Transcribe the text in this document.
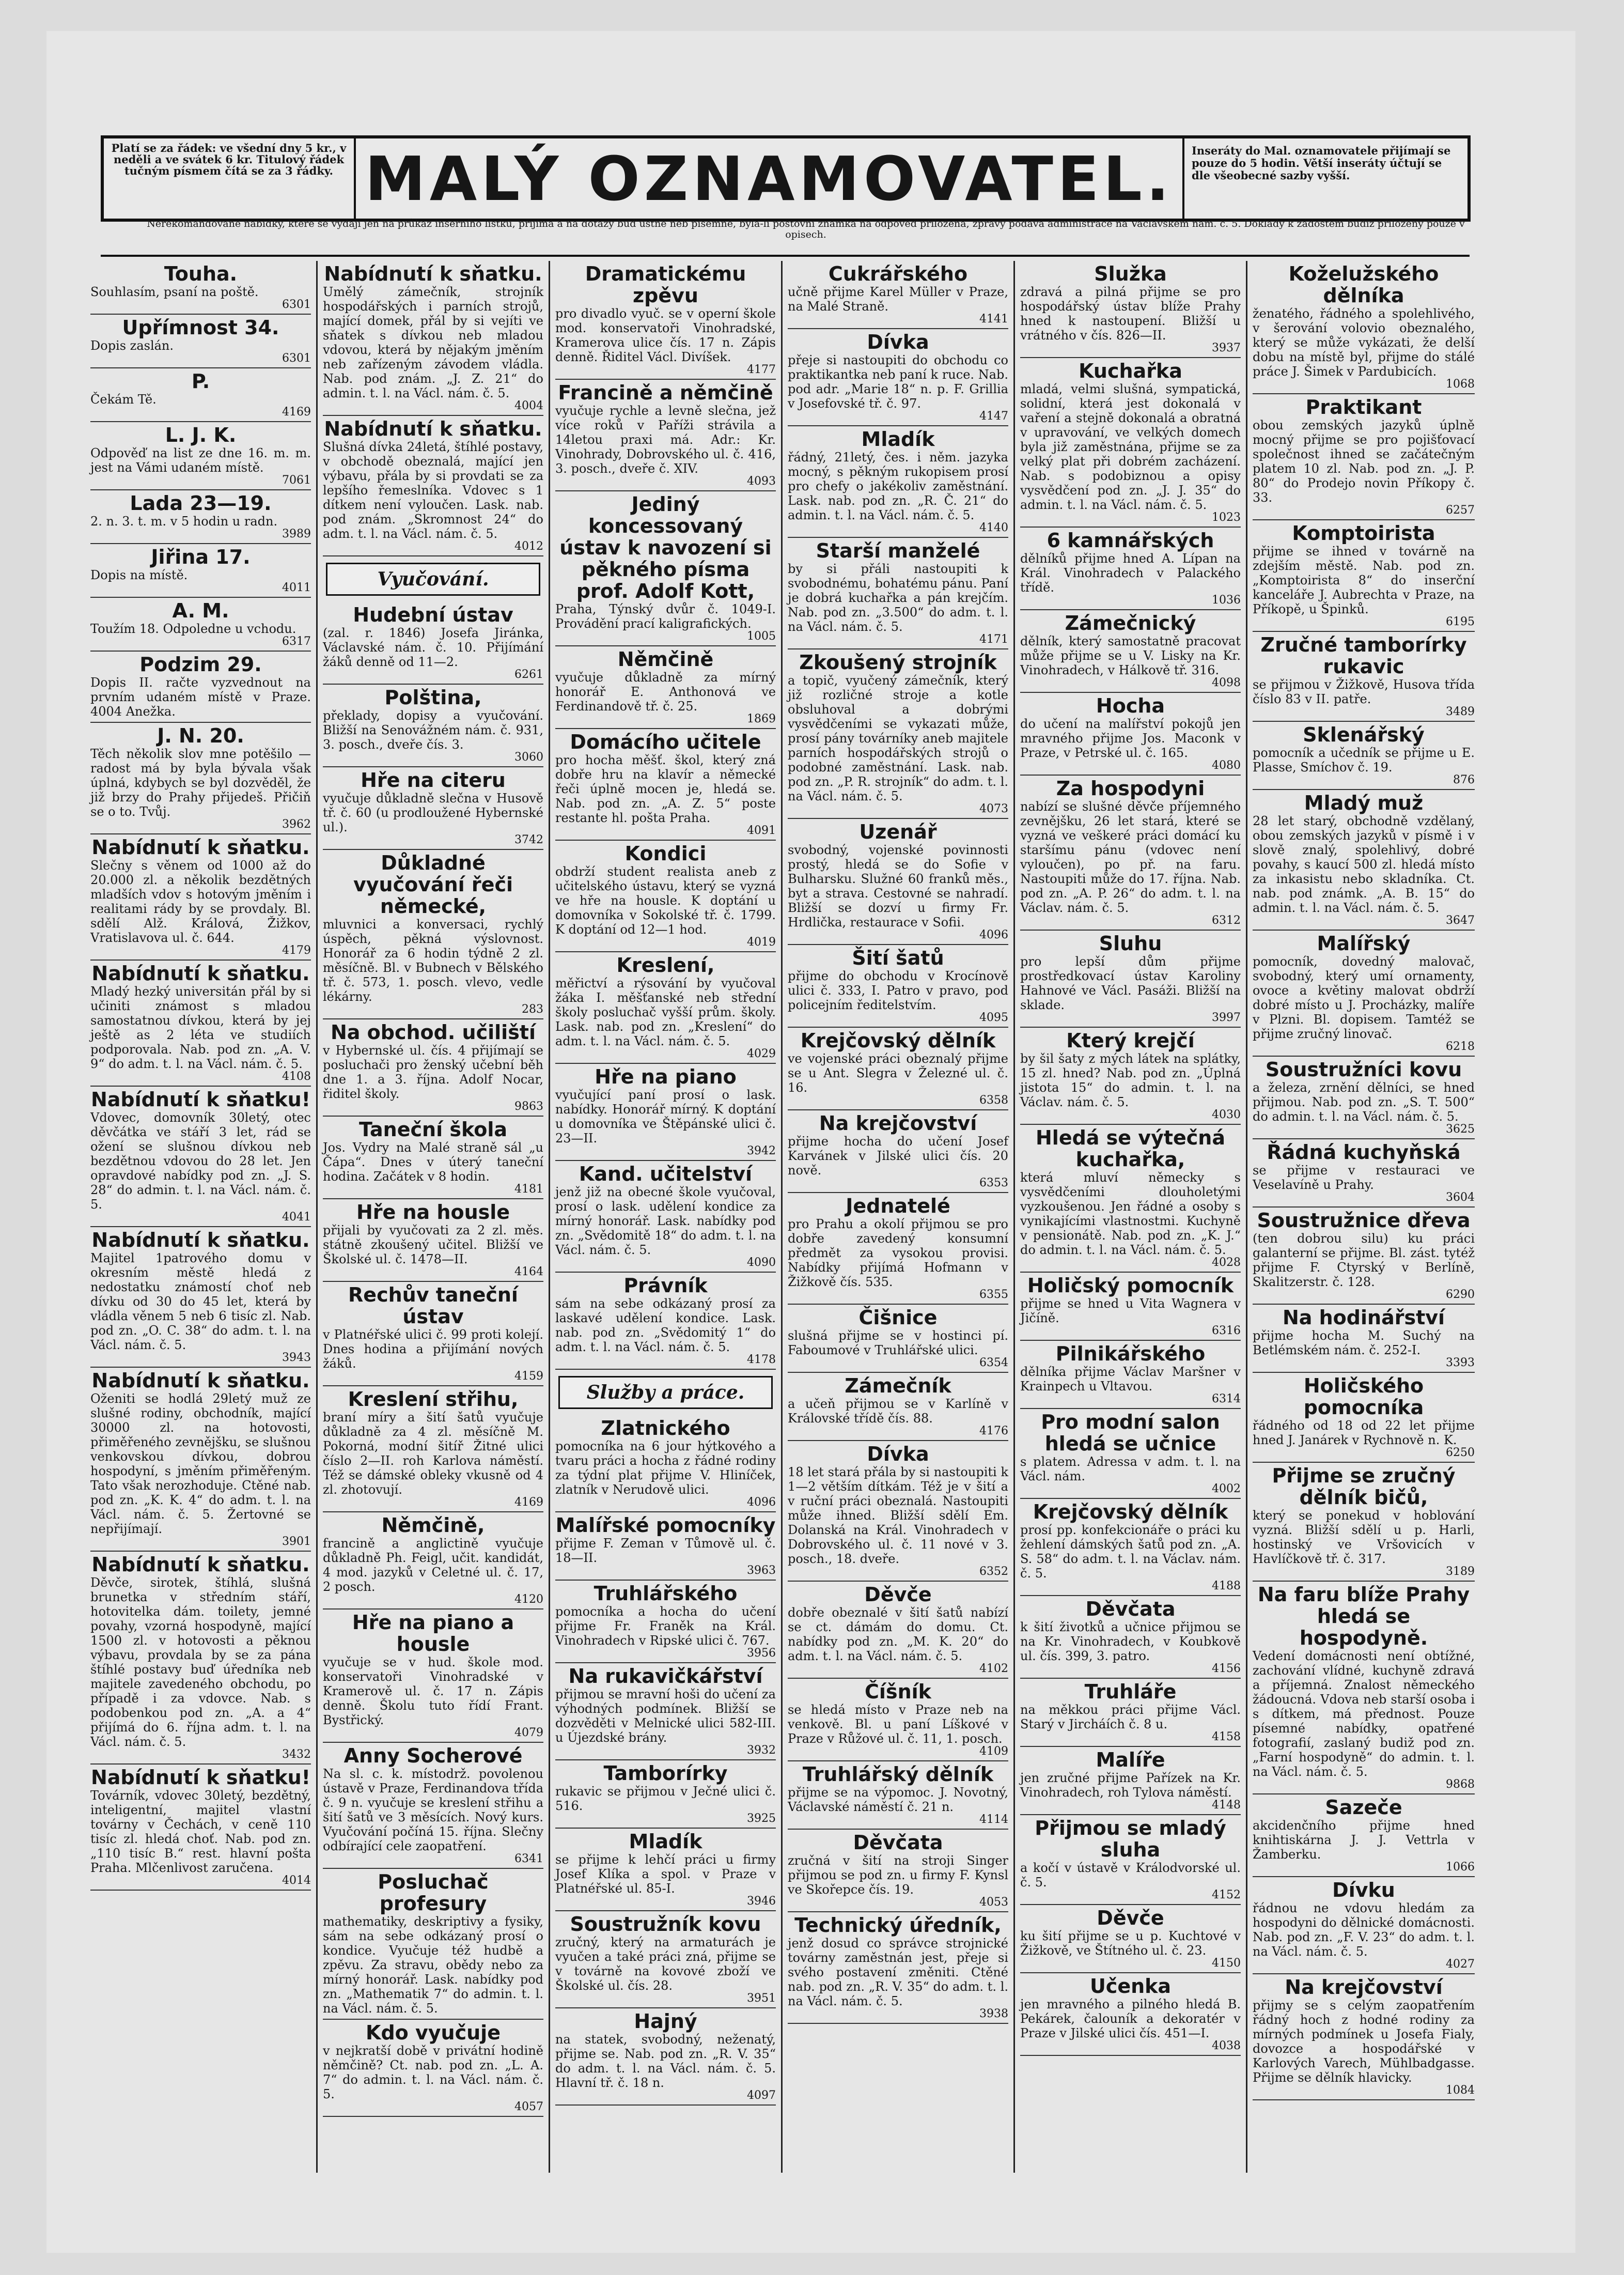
Platí se za řádek: ve všední dny 5 kr., v neděli a ve svátek 6 kr. Titulový řádek tučným písmem čítá se za 3 řádky. MALÝ OZNAMOVATEL.	Inseráty do Mal. oznamovatele přijímají se pouze do 5 hodin. Větší inseráty účtují se dle všeobecné sazby vyšší.
Nerekomandované nabídky, které se vydají jen na průkaz inserního lístku, přijímá a na dotazy buď ústně neb písemně, byla-li poštovní známka na odpověď přiložena, zprávy podává administrace na Václavském nám. č. 5. Doklady k žádostem budiž přiloženy pouze v opisech.
Touha.
Souhlasím, psaní na poště.
6301
Upřímnost 34.
Dopis zaslán.
6301
P.
Čekám Tě.
4169
L. J. K.
Odpověď na list ze dne 16. m. m. jest na Vámi udaném místě.
7061
Lada 23—19.
2. n. 3. t. m. v 5 hodin u radn.
3989
Jiřina 17.
Dopis na místě.
4011
A. M.
Toužím 18. Odpoledne u vchodu.
6317
Podzim 29.
Dopis II. račte vyzvednout na prvním udaném místě v Praze. 4004 Anežka.
J. N. 20.
Těch několik slov mne potěšilo — radost má by byla bývala však úplná, kdybych se byl dozvěděl, že již brzy do Prahy přijedeš. Přičiň se o to. Tvůj.
3962
Nabídnutí k sňatku.
Slečny s věnem od 1000 až do 20.000 zl. a několik bezdětných mladších vdov s hotovým jměním i realitami rády by se provdaly. Bl. sdělí Alž. Králová, Žižkov, Vratislavova ul. č. 644.
4179
Nabídnutí k sňatku.
Mladý hezký universitán přál by si učiniti známost s mladou samostatnou dívkou, která by jej ještě as 2 léta ve studiích podporovala. Nab. pod zn. „A. V. 9“ do adm. t. l. na Václ. nám. č. 5.
4108
Nabídnutí k sňatku!
Vdovec, domovník 30letý, otec děvčátka ve stáří 3 let, rád se ožení se slušnou dívkou neb bezdětnou vdovou do 28 let. Jen opravdové nabídky pod zn. „J. S. 28“ do admin. t. l. na Václ. nám. č. 5.
4041
Nabídnutí k sňatku.
Majitel 1patrového domu v okresním městě hledá z nedostatku známostí choť neb dívku od 30 do 45 let, která by vládla věnem 5 neb 6 tisíc zl. Nab. pod zn. „O. C. 38“ do adm. t. l. na Václ. nám. č. 5.
3943
Nabídnutí k sňatku.
Oženiti se hodlá 29letý muž ze slušné rodiny, obchodník, mající 30000 zl. na hotovosti, přiměřeného zevnějšku, se slušnou venkovskou dívkou, dobrou hospodyní, s jměním přiměřeným. Tato však nerozhoduje. Ctěné nab. pod zn. „K. K. 4“ do adm. t. l. na Václ. nám. č. 5. Žertovné se nepřijímají.
3901
Nabídnutí k sňatku.
Děvče, sirotek, štíhlá, slušná brunetka v středním stáří, hotovitelka dám. toilety, jemné povahy, vzorná hospodyně, mající 1500 zl. v hotovosti a pěknou výbavu, provdala by se za pána štíhlé postavy buď úředníka neb majitele zavedeného obchodu, po případě i za vdovce. Nab. s podobenkou pod zn. „A. a 4“ přijímá do 6. října adm. t. l. na Václ. nám. č. 5.
3432
Nabídnutí k sňatku!
Továrník, vdovec 30letý, bezdětný, inteligentní, majitel vlastní továrny v Čechách, v ceně 110 tisíc zl. hledá choť. Nab. pod zn. „110 tisíc B.“ rest. hlavní pošta Praha. Mlčenlivost zaručena.
4014
Nabídnutí k sňatku.
Umělý zámečník, strojník hospodářských i parních strojů, mající domek, přál by si vejíti ve sňatek s dívkou neb mladou vdovou, která by nějakým jměním neb zařízeným závodem vládla. Nab. pod znám. „J. Z. 21“ do admin. t. l. na Václ. nám. č. 5.
4004
Nabídnutí k sňatku.
Slušná dívka 24letá, štíhlé postavy, v obchodě obeznalá, mající jen výbavu, přála by si provdati se za lepšího řemeslníka. Vdovec s 1 dítkem není vyloučen. Lask. nab. pod znám. „Skromnost 24“ do adm. t. l. na Václ. nám. č. 5.
4012
Vyučování.
Hudební ústav
(zal. r. 1846) Josefa Jiránka, Václavské nám. č. 10. Přijímání žáků denně od 11—2.
6261
Polština,
překlady, dopisy a vyučování. Bližší na Senovážném nám. č. 931, 3. posch., dveře čís. 3.
3060
Hře na citeru
vyučuje důkladně slečna v Husově tř. č. 60 (u prodloužené Hybernské ul.).
3742
Důkladné vyučování řeči německé,
mluvnici a konversaci, rychlý úspěch, pěkná výslovnost. Honorář za 6 hodin týdně 2 zl. měsíčně. Bl. v Bubnech v Bělského tř. č. 573, 1. posch. vlevo, vedle lékárny.
283
Na obchod. učiliští
v Hybernské ul. čís. 4 přijímají se posluchači pro ženský učební běh dne 1. a 3. října. Adolf Nocar, řiditel školy.
9863
Taneční škola
Jos. Vydry na Malé straně sál „u Čápa“. Dnes v úterý taneční hodina. Začátek v 8 hodin.
4181
Hře na housle
přijali by vyučovati za 2 zl. měs. státně zkoušený učitel. Bližší ve Školské ul. č. 1478—II.
4164
Rechův taneční ústav
v Platnéřské ulici č. 99 proti kolejí. Dnes hodina a přijímání nových žáků.
4159
Kreslení střihu,
braní míry a šití šatů vyučuje důkladně za 4 zl. měsíčně M. Pokorná, modní šitíř Žitné ulici číslo 2—II. roh Karlova náměstí. Též se dámské oblekу vkusně od 4 zl. zhotovují.
4169
Němčině,
francině a anglictině vyučuje důkladně Ph. Feigl, učit. kandidát, 4 mod. jazyků v Celetné ul. č. 17, 2 posch.
4120
Hře na piano a housle
vyučuje se v hud. škole mod. konservatoři Vinohradské v Kramerově ul. č. 17 n. Zápis denně. Školu tuto řídí Frant. Bystřický.
4079
Anny Socherové
Na sl. c. k. místodrž. povolenou ústavě v Praze, Ferdinandova třída č. 9 n. vyučuje se kreslení střihu a šití šatů ve 3 měsících. Nový kurs. Vyučování počíná 15. října. Slečny odbírající cele zaopatření.
6341
Posluchač profesury
mathematiky, deskriptivy a fysiky, sám na sebe odkázaný prosí o kondice. Vyučuje též hudbě a zpěvu. Za stravu, obědy nebo za mírný honorář. Lask. nabídky pod zn. „Mathematik 7“ do admin. t. l. na Václ. nám. č. 5.
Kdo vyučuje
v nejkratší době v privátní hodině němčině? Ct. nab. pod zn. „L. A. 7“ do admin. t. l. na Václ. nám. č. 5.
4057
Dramatickému zpěvu
pro divadlo vyuč. se v operní škole mod. konservatoři Vinohradské, Kramerova ulice čís. 17 n. Zápis denně. Řiditel Václ. Divíšek.
4177
Francině a němčině
vyučuje rychle a levně slečna, jež více roků v Paříži strávila a 14letou praxi má. Adr.: Kr. Vinohrady, Dobrovského ul. č. 416, 3. posch., dveře č. XIV.
4093
Jediný koncessovaný ústav k navození si pěkného písma prof. Adolf Kott,
Praha, Týnský dvůr č. 1049-I. Provádění prací kaligrafických.
1005
Němčině
vyučuje důkladně za mírný honorář E. Anthonová ve Ferdinandově tř. č. 25.
1869
Domácího učitele
pro hocha měšť. škol, který zná dobře hru na klavír a německé řeči úplně mocen je, hledá se. Nab. pod zn. „A. Z. 5“ poste restante hl. pošta Praha.
4091
Kondici
obdrží student realista aneb z učitelského ústavu, který se vyzná ve hře na housle. K doptání u domovníka v Sokolské tř. č. 1799. K doptání od 12—1 hod.
4019
Kreslení,
měřictví a rýsování by vyučoval žáka I. měšťanské neb střední školy posluchač vyšší prům. školy. Lask. nab. pod zn. „Kreslení“ do adm. t. l. na Václ. nám. č. 5.
4029
Hře na piano
vyučující paní prosí o lask. nabídky. Honorář mírný. K doptání u domovníka ve Štěpánské ulici č. 23—II.
3942
Kand. učitelství
jenž již na obecné škole vyučoval, prosí o lask. udělení kondice za mírný honorář. Lask. nabídky pod zn. „Svědomitě 18“ do adm. t. l. na Václ. nám. č. 5.
4090
Právník
sám na sebe odkázaný prosí za laskavé udělení kondice. Lask. nab. pod zn. „Svědomitý 1“ do adm. t. l. na Václ. nám. č. 5.
4178
Služby a práce.
Zlatnického
pomocníka na 6 jour hýtkového a tvaru práci a hocha z řádné rodiny za týdní plat přijme V. Hliníček, zlatník v Nerudově ulici.
4096
Malířské pomocníky
přijme F. Zeman v Tůmově ul. č. 18—II.
3963
Truhlářského
pomocníka a hocha do učení přijme Fr. Franěk na Král. Vinohradech v Ripské ulici č. 767.
3956
Na rukavičkářství
přijmou se mravní hoši do učení za výhodných podmínek. Bližší se dozvěděti v Melnické ulici 582-III. u Újezdské brány.
3932
Tamborírky
rukavic se přijmou v Ječné ulici č. 516.
3925
Mladík
se přijme k lehčí práci u firmy Josef Klíka a spol. v Praze v Platnéřské ul. 85-I.
3946
Soustružník kovu
zručný, který na armaturách je vyučen a také práci zná, přijme se v továrně na kovové zboží ve Školské ul. čís. 28.
3951
Hajný
na statek, svobodný, neženatý, přijme se. Nab. pod zn. „R. V. 35“ do adm. t. l. na Václ. nám. č. 5. Hlavní tř. č. 18 n.
4097
Cukrářského
učně přijme Karel Müller v Praze, na Malé Straně.
4141
Dívka
přeje si nastoupiti do obchodu co praktikantka neb paní k ruce. Nab. pod adr. „Marie 18“ n. p. F. Grillia v Josefovské tř. č. 97.
4147
Mladík
řádný, 21letý, čes. i něm. jazyka mocný, s pěkným rukopisem prosí pro chefy o jakékoliv zaměstnání. Lask. nab. pod zn. „R. Č. 21“ do admin. t. l. na Václ. nám. č. 5.
4140
Starší manželé
by si přáli nastoupiti k svobodnému, bohatému pánu. Paní je dobrá kuchařka a pán krejčím. Nab. pod zn. „3.500“ do adm. t. l. na Václ. nám. č. 5.
4171
Zkoušený strojník
a topič, vyučený zámečník, který již rozličné stroje a kotle obsluhoval a dobrými vysvědčeními se vykazati může, prosí pány továrníky aneb majitele parních hospodářských strojů o podobné zaměstnání. Lask. nab. pod zn. „P. R. strojník“ do adm. t. l. na Václ. nám. č. 5.
4073
Uzenář
svobodný, vojenské povinnosti prostý, hledá se do Sofie v Bulharsku. Služné 60 franků měs., byt a strava. Cestovné se nahradí. Bližší se dozví u firmy Fr. Hrdlička, restaurace v Sofii.
4096
Šití šatů
přijme do obchodu v Krocínově ulici č. 333, I. Patro v pravo, pod policejním ředitelstvím.
4095
Krejčovský dělník
ve vojenské práci obeznalý přijme se u Ant. Slegra v Železné ul. č. 16.
6358
Na krejčovství
přijme hocha do učení Josef Karvánek v Jilské ulici čís. 20 nově.
6353
Jednatelé
pro Prahu a okolí přijmou se pro dobře zavedený konsumní předmět za vysokou provisi. Nabídky přijímá Hofmann v Žižkově čís. 535.
6355
Čišnice
slušná přijme se v hostinci pí. Faboumové v Truhlářské ulici.
6354
Zámečník
a učeň přijmou se v Karlíně v Královské třídě čís. 88.
4176
Dívka
18 let stará přála by si nastoupiti k 1—2 větším dítkám. Též je v šití a v ruční práci obeznalá. Nastoupiti může ihned. Bližší sdělí Em. Dolanská na Král. Vinohradech v Dobrovského ul. č. 11 nové v 3. posch., 18. dveře.
6352
Děvče
dobře obeznalé v šití šatů nabízí se ct. dámám do domu. Ct. nabídky pod zn. „M. K. 20“ do adm. t. l. na Václ. nám. č. 5.
4102
Číšník
se hledá místo v Praze neb na venkově. Bl. u paní Líškové v Praze v Růžové ul. č. 11, 1. posch.
4109
Truhlářský dělník
přijme se na výpomoc. J. Novotný, Václavské náměstí č. 21 n.
4114
Děvčata
zručná v šití na stroji Singer přijmou se pod zn. u firmy F. Kynsl ve Skořepce čís. 19.
4053
Technický úředník,
jenž dosud co správce strojnické továrny zaměstnán jest, přeje si svého postavení změniti. Ctěné nab. pod zn. „R. V. 35“ do adm. t. l. na Václ. nám. č. 5.
3938
Služka
zdravá a pilná přijme se pro hospodářský ústav blíže Prahy hned k nastoupení. Bližší u vrátného v čís. 826—II.
3937
Kuchařka
mladá, velmi slušná, sympatická, solidní, která jest dokonalá v vaření a stejně dokonalá a obratná v upravování, ve velkých domech byla již zaměstnána, přijme se za velký plat při dobrém zacházení. Nab. s podobiznou a opisy vysvědčení pod zn. „J. J. 35“ do admin. t. l. na Václ. nám. č. 5.
1023
6 kamnářských
dělníků přijme hned A. Lípan na Král. Vinohradech v Palackého třídě.
1036
Zámečnický
dělník, který samostatně pracovat může přijme se u V. Lisky na Kr. Vinohradech, v Hálkově tř. 316.
4098
Hocha
do učení na malířství pokojů jen mravného přijme Jos. Maconk v Praze, v Petrské ul. č. 165.
4080
Za hospodyni
nabízí se slušné děvče příjemného zevnějšku, 26 let stará, které se vyzná ve veškeré práci domácí ku staršímu pánu (vdovec není vyloučen), po př. na faru. Nastoupiti může do 17. října. Nab. pod zn. „A. P. 26“ do adm. t. l. na Václav. nám. č. 5.
6312
Sluhu
pro lepší dům přijme prostředkovací ústav Karoliny Hahnové ve Václ. Pasáži. Bližší na sklade.
3997
Který krejčí
by šil šaty z mých látek na splátky, 15 zl. hned? Nab. pod zn. „Úplná jistota 15“ do admin. t. l. na Václav. nám. č. 5.
4030
Hledá se výtečná kuchařka,
která mluví německy s vysvědčeními dlouholetými vyzkoušenou. Jen řádné a osoby s vynikajícími vlastnostmi. Kuchyně v pensionátě. Nab. pod zn. „K. J.“ do admin. t. l. na Václ. nám. č. 5.
4028
Holičský pomocník
přijme se hned u Vita Wagnera v Jičíně.
6316
Pilnikářského
dělníka přijme Václav Maršner v Krainpech u Vltavou.
6314
Pro modní salon hledá se učnice
s platem. Adressa v adm. t. l. na Václ. nám.
4002
Krejčovský dělník
prosí pp. konfekcionáře o práci ku žehlení dámských šatů pod zn. „A. S. 58“ do adm. t. l. na Václav. nám. č. 5.
4188
Děvčata
k šití životků a učnice přijmou se na Kr. Vinohradech, v Koubkově ul. čís. 399, 3. patro.
4156
Truhláře
na měkkou práci přijme Václ. Starý v Jircháích č. 8 u.
4158
Malíře
jen zručné přijme Pařízek na Kr. Vinohradech, roh Tylova náměstí.
4148
Přijmou se mladý sluha
a kočí v ústavě v Králodvorské ul. č. 5.
4152
Děvče
ku šití přijme se u p. Kuchtové v Žižkově, ve Štítného ul. č. 23.
4150
Učenka
jen mravného a pilného hledá B. Pekárek, čalouník a dekoratér v Praze v Jilské ulici čís. 451—I.
4038
Koželužského dělníka
ženatého, řádného a spolehlivého, v šerování volovio obeznalého, který se může vykázati, že delší dobu na místě byl, přijme do stálé práce J. Šimek v Pardubicích.
1068
Praktikant
obou zemských jazyků úplně mocný přijme se pro pojišťovací společnost ihned se začátečným platem 10 zl. Nab. pod zn. „J. P. 80“ do Prodejo novin Příkopy č. 33.
6257
Komptoirista
přijme se ihned v továrně na zdejším městě. Nab. pod zn. „Komptoirista 8“ do inserční kanceláře J. Aubrechta v Praze, na Příkopě, u Špinků.
6195
Zručné tamborírky rukavic
se přijmou v Žižkově, Husova třída číslo 83 v II. patře.
3489
Sklenářský
pomocník a učedník se přijme u E. Plasse, Smíchov č. 19.
876
Mladý muž
28 let starý, obchodně vzdělaný, obou zemských jazyků v písmě i v slově znalý, spolehlivý, dobré povahy, s kaucí 500 zl. hledá místo za inkasistu nebo skladníka. Ct. nab. pod známk. „A. B. 15“ do admin. t. l. na Václ. nám. č. 5.
3647
Malířský
pomocník, dovedný malovač, svobodný, který umí ornamenty, ovoce a květiny malovat obdrží dobré místo u J. Procházky, malíře v Plzni. Bl. dopisem. Tamtéž se přijme zručný linovač.
6218
Soustružníci kovu
a železa, zrnění dělníci, se hned přijmou. Nab. pod zn. „S. T. 500“ do admin. t. l. na Václ. nám. č. 5.
3625
Řádná kuchyňská
se přijme v restauraci ve Veselavíně u Prahy.
3604
Soustružnice dřeva
(ten dobrou silu) ku práci galanterní se přijme. Bl. zást. tytéž přijme F. Ctyrský v Berlíně, Skalitzerstr. č. 128.
6290
Na hodinářství
přijme hocha M. Suchý na Betlémském nám. č. 252-I.
3393
Holičského pomocníka
řádného od 18 od 22 let přijme hned J. Janárek v Rychnově n. K.
6250
Přijme se zručný dělník bičů,
který se ponekud v hoblování vyzná. Bližší sdělí u p. Harli, hostinský ve Vršovicích v Havlíčkově tř. č. 317.
3189
Na faru blíže Prahy hledá se hospodyně.
Vedení domácnosti není obtížné, zachování vlídné, kuchyně zdravá a příjemná. Znalost německého žádoucná. Vdova neb starší osoba i s dítkem, má přednost. Pouze písemné nabídky, opatřené fotografií, zaslaný budiž pod zn. „Farní hospodyně“ do admin. t. l. na Václ. nám. č. 5.
9868
Sazeče
akcidenčního přijme hned knihtiskárna J. J. Vettrla v Žamberku.
1066
Dívku
řádnou ne vdovu hledám za hospodyni do dělnické domácnosti. Nab. pod zn. „F. V. 23“ do adm. t. l. na Václ. nám. č. 5.
4027
Na krejčovství
přijmy se s celým zaopatřením řádný hoch z hodné rodiny za mírných podmínek u Josefa Fialy, dovozce a hospodářské v Karlových Varech, Mühlbadgasse. Přijme se dělník hlavicky.
1084
